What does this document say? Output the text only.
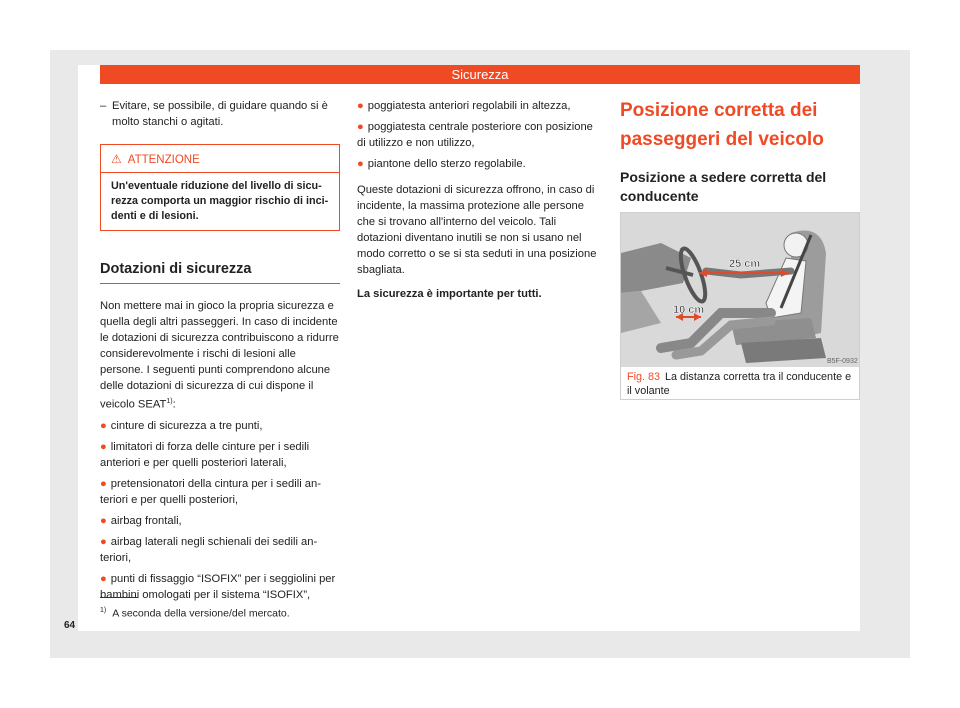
Sicurezza

– Evitare, se possibile, di guidare quando si è molto stanchi o agitati.

⚠ ATTENZIONE
Un'eventuale riduzione del livello di sicurezza comporta un maggior rischio di incidenti e di lesioni.
Dotazioni di sicurezza

Non mettere mai in gioco la propria sicurezza e quella degli altri passeggeri. In caso di incidente le dotazioni di sicurezza contribuiscono a ridurre considerevolmente i rischi di lesioni alle persone. I seguenti punti comprendono alcune delle dotazioni di sicurezza di cui dispone il veicolo SEAT$^{1)}$:

● cinture di sicurezza a tre punti,

● limitatori di forza delle cinture per i sedili anteriori e per quelli posteriori laterali,

● pretensionatori della cintura per i sedili anteriori e per quelli posteriori,

● airbag frontali,

● airbag laterali negli schienali dei sedili anteriori,

● punti di fissaggio “ISOFIX” per i seggiolini per bambini omologati per il sistema “ISOFIX”,

● poggiatesta anteriori regolabili in altezza,

● poggiatesta centrale posteriore con posizione di utilizzo e non utilizzo,

● piantone dello sterzo regolabile.

Queste dotazioni di sicurezza offrono, in caso di incidente, la massima protezione alle persone che si trovano all'interno del veicolo. Tali dotazioni diventano inutili se non si usano nel modo corretto o se si sta seduti in una posizione sbagliata.

La sicurezza è importante per tutti.

Posizione corretta dei passeggeri del veicolo
Posizione a sedere corretta del conducente
25 cm
10 cm
B5F-0932
Fig. 83 La distanza corretta tra il conducente e il volante
$^{1)}$ A seconda della versione/del mercato.
64
